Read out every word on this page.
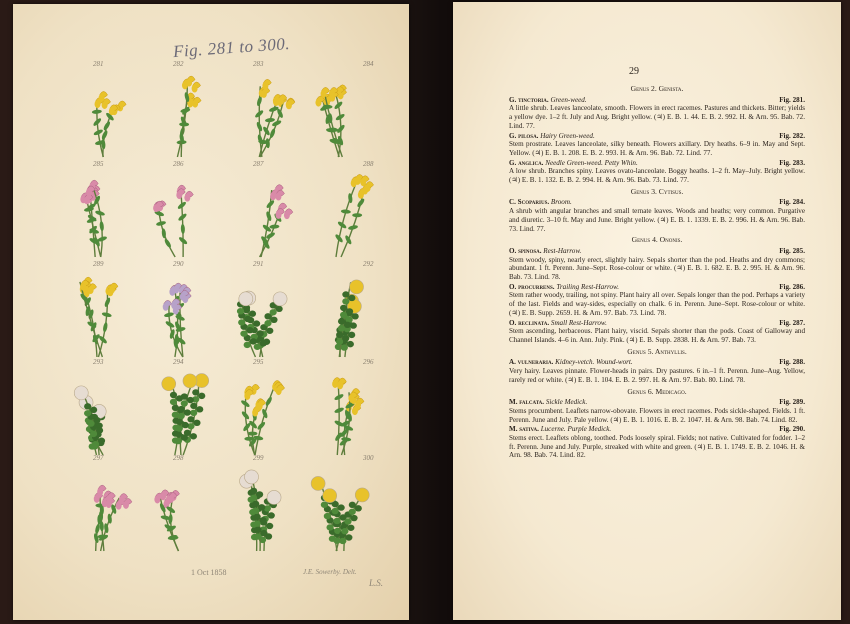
Fig. 281 to 300.
281	282	283	284
285	286	287	288
289	290	291	292
293	294	295	296
297	298	299	300
1 Oct 1858	J.E. Sowerby. Delt.
L.S.
29
Genus 2. Genista.
G. tinctoria. Green-weed.	Fig. 281.
A little shrub. Leaves lanceolate, smooth. Flowers in erect racemes. Pastures and thickets. Bitter; yields a yellow dye. 1–2 ft. July and Aug. Bright yellow. (♃) E. B. 1. 44. E. B. 2. 992. H. & Arn. 95. Bab. 72. Lind. 77.
G. pilosa. Hairy Green-weed.	Fig. 282.
Stem prostrate. Leaves lanceolate, silky beneath. Flowers axillary. Dry heaths. 6–9 in. May and Sept. Yellow. (♃) E. B. 1. 208. E. B. 2. 993. H. & Arn. 96. Bab. 72. Lind. 77.
G. anglica. Needle Green-weed. Petty Whin.	Fig. 283.
A low shrub. Branches spiny. Leaves ovato-lanceolate. Boggy heaths. 1–2 ft. May–July. Bright yellow. (♃) E. B. 1. 132. E. B. 2. 994. H. & Arn. 96. Bab. 73. Lind. 77.
Genus 3. Cytisus.
C. Scoparius. Broom.	Fig. 284.
A shrub with angular branches and small ternate leaves. Woods and heaths; very common. Purgative and diuretic. 3–10 ft. May and June. Bright yellow. (♃) E. B. 1. 1339. E. B. 2. 996. H. & Arn. 96. Bab. 73. Lind. 77.
Genus 4. Ononis.
O. spinosa. Rest-Harrow.	Fig. 285.
Stem woody, spiny, nearly erect, slightly hairy. Sepals shorter than the pod. Heaths and dry commons; abundant. 1 ft. Perenn. June–Sept. Rose-colour or white. (♃) E. B. 1. 682. E. B. 2. 995. H. & Arn. 96. Bab. 73. Lind. 78.
O. procurrens. Trailing Rest-Harrow.	Fig. 286.
Stem rather woody, trailing, not spiny. Plant hairy all over. Sepals longer than the pod. Perhaps a variety of the last. Fields and way-sides, especially on chalk. 6 in. Perenn. June–Sept. Rose-colour or white. (♃) E. B. Supp. 2659. H. & Arn. 97. Bab. 73. Lind. 78.
O. reclinata. Small Rest-Harrow.	Fig. 287.
Stem ascending, herbaceous. Plant hairy, viscid. Sepals shorter than the pods. Coast of Galloway and Channel Islands. 4–6 in. Ann. July. Pink. (♃) E. B. Supp. 2838. H. & Arn. 97. Bab. 73.
Genus 5. Anthyllis.
A. vulneraria. Kidney-vetch. Wound-wort.	Fig. 288.
Very hairy. Leaves pinnate. Flower-heads in pairs. Dry pastures. 6 in.–1 ft. Perenn. June–Aug. Yellow, rarely red or white. (♃) E. B. 1. 104. E. B. 2. 997. H. & Arn. 97. Bab. 80. Lind. 78.
Genus 6. Medicago.
M. falcata. Sickle Medick.	Fig. 289.
Stems procumbent. Leaflets narrow-obovate. Flowers in erect racemes. Pods sickle-shaped. Fields. 1 ft. Perenn. June and July. Pale yellow. (♃) E. B. 1. 1016. E. B. 2. 1047. H. & Arn. 98. Bab. 74. Lind. 82.
M. sativa. Lucerne. Purple Medick.	Fig. 290.
Stems erect. Leaflets oblong, toothed. Pods loosely spiral. Fields; not native. Cultivated for fodder. 1–2 ft. Perenn. June and July. Purple, streaked with white and green. (♃) E. B. 1. 1749. E. B. 2. 1046. H. & Arn. 98. Bab. 74. Lind. 82.
